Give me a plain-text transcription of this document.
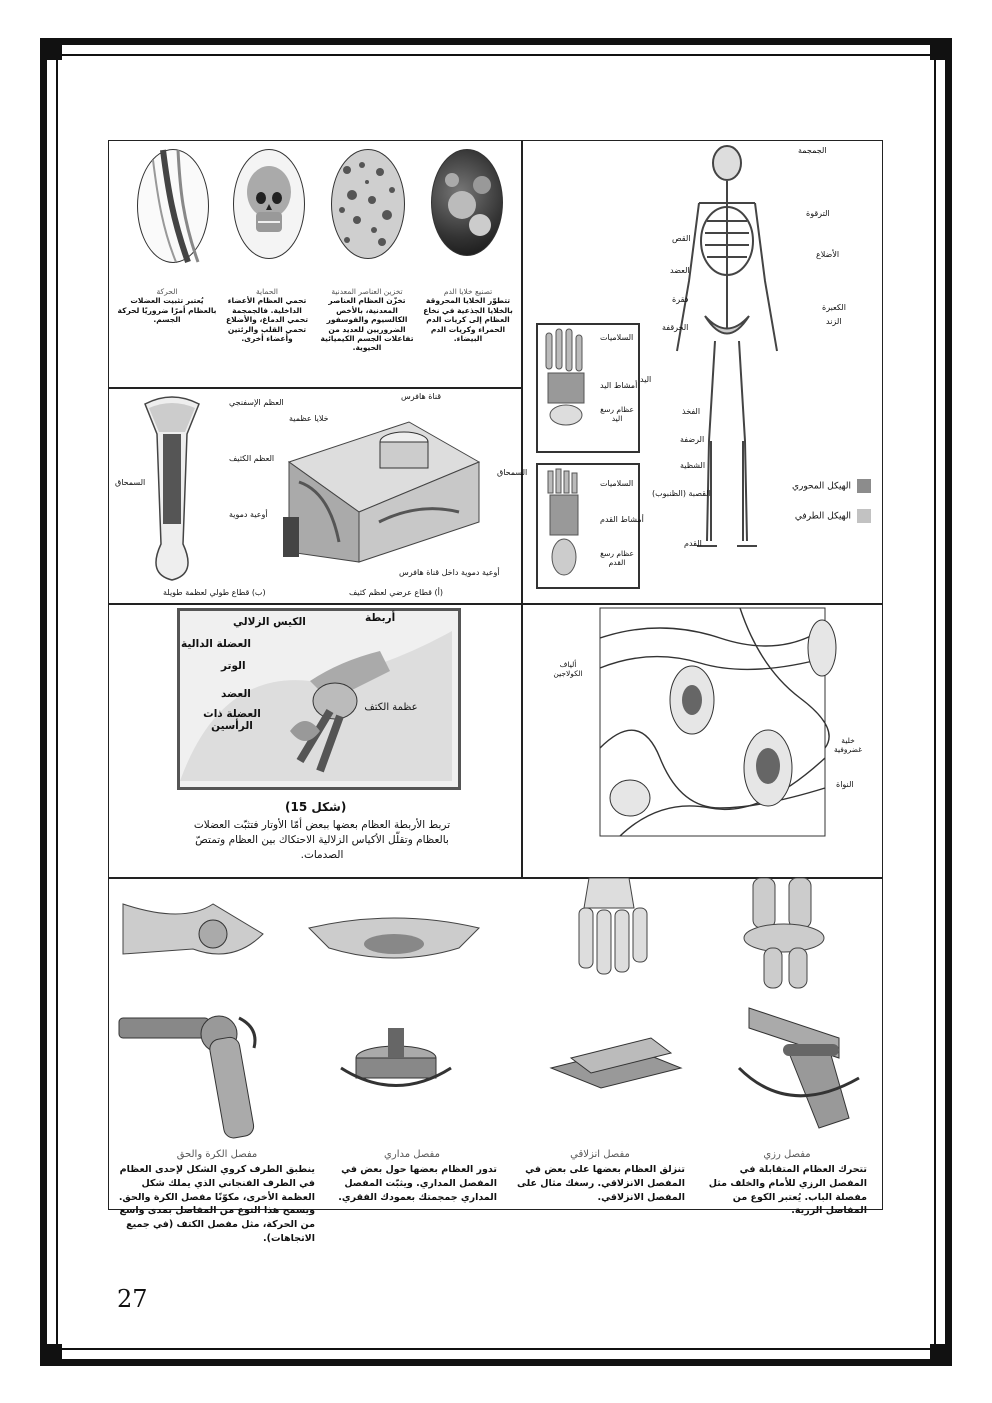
تصنيع خلايا الدم
تتطوّر الخلايا المحروقة بالخلايا الجذعية في نخاع العظام إلى كريات الدم الحمراء وكريات الدم البيضاء.
تخزين العناصر المعدنية
تخزّن العظام العناصر المعدنية، بالأخص الكالسيوم والفوسفور الضروريين للعديد من تفاعلات الجسم الكيميائية الحيوية.
الحماية
تحمي العظام الأعضاء الداخلية. فالجمجمة تحمي الدماغ، والأضلاع تحمي القلب والرئتين وأعضاء أخرى.
الحركة
يُعتبر تثبيت العضلات بالعظام أمرًا ضروريًا لحركة الجسم.
الجمجمة
الترقوة
القص
الأضلاع
العضد
فقرة
الكعبرة
الزند
الحرقفة
الفخذ
الرضفة
الشظية
القصبة (الظنبوب)
القدم
السلاميات
أمشاط اليد
عظام رسغ اليد
اليد
السلاميات
أمشاط القدم
عظام رسغ القدم
الهيكل المحوري
الهيكل الطرفي
العظم الإسفنجي
العظم الكثيف
السمحاق
أوعية دموية
قناة هافرس
خلايا عظمية
السمحاق
أوعية دموية داخل قناة هافرس
(ب) قطاع طولي لعظمة طويلة	(أ) قطاع عرضي لعظم كثيف
الكيس الزلالي	أربطة
العضلة الدالية
الوتر
العضد
العضلة ذات الرأسين
عظمة الكتف
(شكل 15)
تربط الأربطة العظام بعضها ببعض أمّا الأوتار فتثبّت العضلات بالعظام وتقلّل الأكياس الزلالية الاحتكاك بين العظام وتمتصّ الصدمات.
ألياف الكولاجين
خلية غضروفية
النواة
مفصل الكرة والحق
ينطبق الطرف كروي الشكل لإحدى العظام في الطرف الفنجاني الذي يملك شكل العظمة الأخرى، مكوّنًا مفصل الكرة والحق. ويسمح هذا النوع من المفاصل بمدى واسع من الحركة، مثل مفصل الكتف (في جميع الاتجاهات).
مفصل مداري
تدور العظام بعضها حول بعض في المفصل المداري. ويثبّت المفصل المداري جمجمتك بعمودك الفقري.
مفصل انزلاقي
تنزلق العظام بعضها على بعض في المفصل الانزلاقي. رسغك مثال على المفصل الانزلاقي.
مفصل رزي
تتحرك العظام المتقابلة في المفصل الرزي للأمام والخلف مثل مفصلة الباب. يُعتبر الكوع من المفاصل الرزية.
27
